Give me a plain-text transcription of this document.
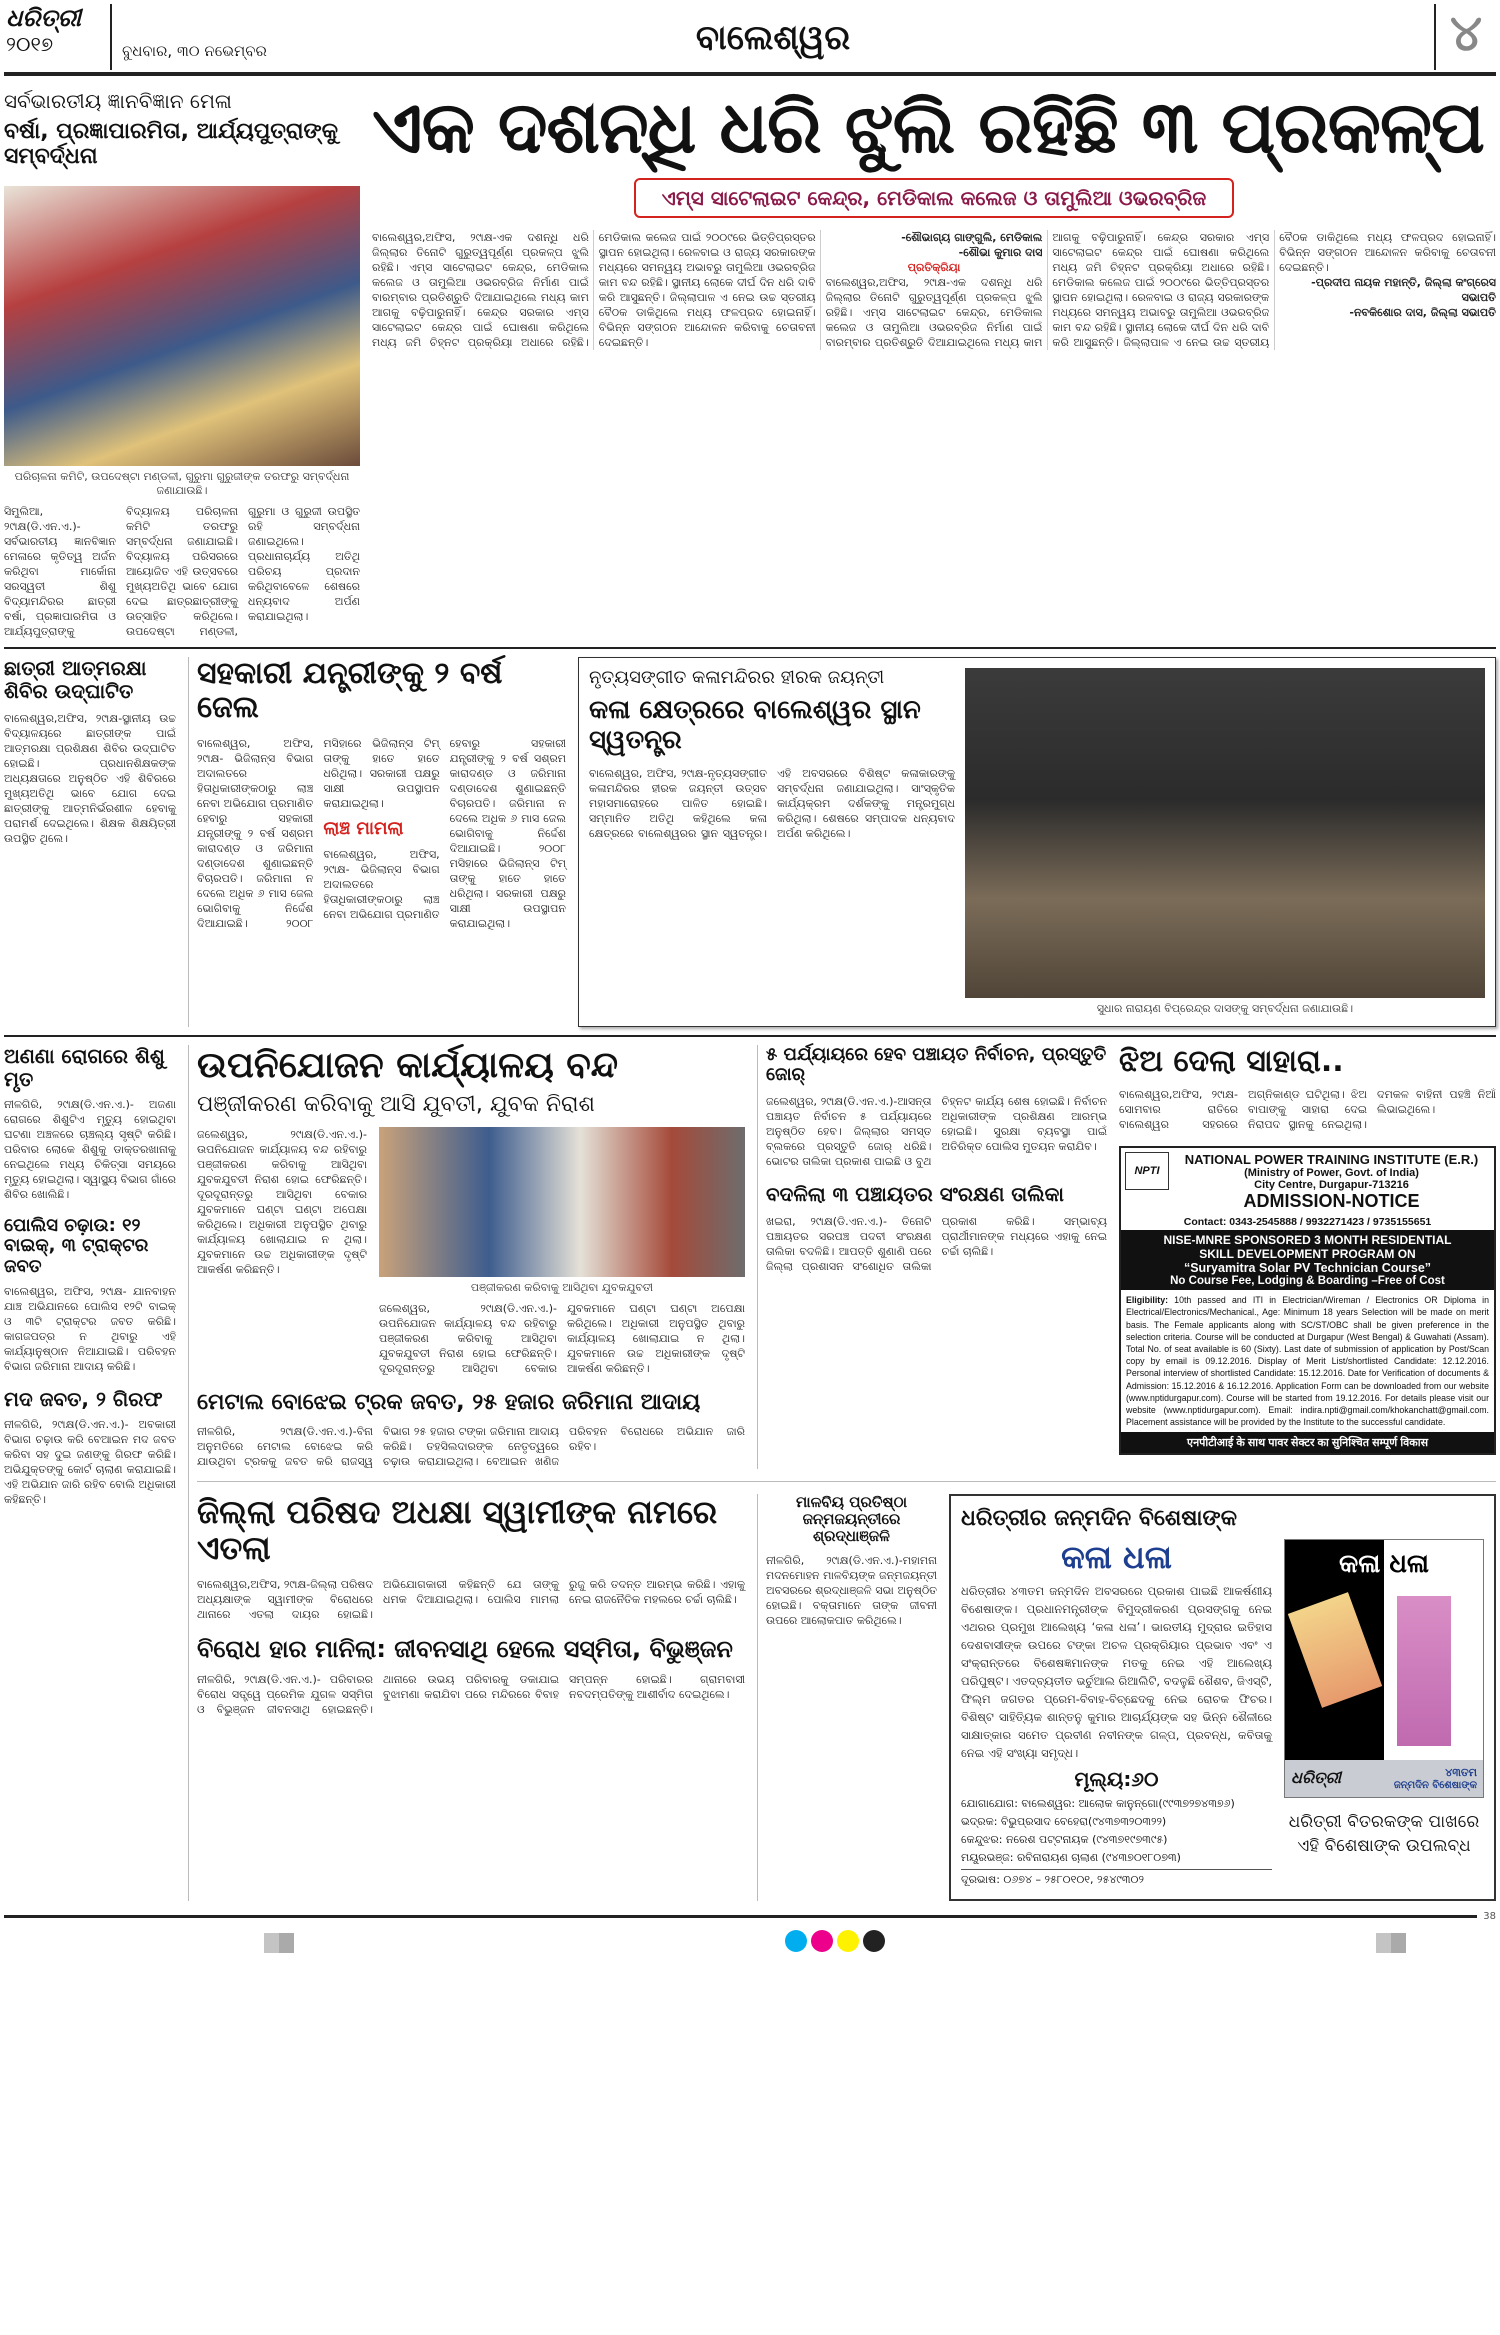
ଧରିତ୍ରୀ
୨୦୧୭	ବୁଧବାର, ୩୦ ନଭେମ୍ବର	ବାଲେଶ୍ୱର	୪
ସର୍ବଭାରତୀୟ ଜ୍ଞାନବିଜ୍ଞାନ ମେଳା
ବର୍ଷା, ପ୍ରଜ୍ଞାପାରମିତା, ଆର୍ଯ୍ୟପୁତ୍ରାଙ୍କୁ ସମ୍ବର୍ଦ୍ଧନା
ପରିଚାଳନା କମିଟି, ଉପଦେଷ୍ଟା ମଣ୍ଡଳୀ, ଗୁରୁମା ଗୁରୁଜୀଙ୍କ ତରଫରୁ ସମ୍ବର୍ଦ୍ଧନା ଜଣାଯାଉଛି।
ସିମୁଲିଆ, ୨୯ାକ୍ଷ(ଡି.ଏନ.ଏ.)- ସର୍ବଭାରତୀୟ ଜ୍ଞାନବିଜ୍ଞାନ ମେଳାରେ କୃତିତ୍ୱ ଅର୍ଜନ କରିଥିବା ମାର୍କୋନା ସରସ୍ୱତୀ ଶିଶୁ ବିଦ୍ୟାମନ୍ଦିରର ଛାତ୍ରୀ ବର୍ଷା, ପ୍ରଜ୍ଞାପାରମିତା ଓ ଆର୍ଯ୍ୟପୁତ୍ରାଙ୍କୁ ବିଦ୍ୟାଳୟ ପରିଚାଳନା କମିଟି ତରଫରୁ ସମ୍ବର୍ଦ୍ଧନା ଜଣାଯାଇଛି। ବିଦ୍ୟାଳୟ ପରିସରରେ ଆୟୋଜିତ ଏହି ଉତ୍ସବରେ ମୁଖ୍ୟଅତିଥି ଭାବେ ଯୋଗ ଦେଇ ଛାତ୍ରଛାତ୍ରୀଙ୍କୁ ଉତ୍ସାହିତ କରିଥିଲେ। ଉପଦେଷ୍ଟା ମଣ୍ଡଳୀ, ଗୁରୁମା ଓ ଗୁରୁଜୀ ଉପସ୍ଥିତ ରହି ସମ୍ବର୍ଦ୍ଧନା ଜଣାଇଥିଲେ। ପ୍ରଧାନାଚାର୍ଯ୍ୟ ଅତିଥି ପରିଚୟ ପ୍ରଦାନ କରିଥିବାବେଳେ ଶେଷରେ ଧନ୍ୟବାଦ ଅର୍ପଣ କରାଯାଇଥିଲା।
ଏକ ଦଶନ୍ଧି ଧରି ଝୁଲି ରହିଛି ୩ ପ୍ରକଳ୍ପ
ଏମ୍ସ ସାଟେଲାଇଟ କେନ୍ଦ୍ର, ମେଡିକାଲ କଲେଜ ଓ ତାମୁଲିଆ ଓଭରବ୍ରିଜ
ବାଲେଶ୍ୱର,ଅଫିସ, ୨୯ାକ୍ଷ-ଏକ ଦଶନ୍ଧି ଧରି ଜିଲ୍ଲାର ତିନୋଟି ଗୁରୁତ୍ୱପୂର୍ଣ୍ଣ ପ୍ରକଳ୍ପ ଝୁଲି ରହିଛି। ଏମ୍ସ ସାଟେଲାଇଟ କେନ୍ଦ୍ର, ମେଡିକାଲ କଲେଜ ଓ ତାମୁଲିଆ ଓଭରବ୍ରିଜ ନିର୍ମାଣ ପାଇଁ ବାରମ୍ବାର ପ୍ରତିଶ୍ରୁତି ଦିଆଯାଇଥିଲେ ମଧ୍ୟ କାମ ଆଗକୁ ବଢ଼ିପାରୁନାହିଁ। କେନ୍ଦ୍ର ସରକାର ଏମ୍ସ ସାଟେଲାଇଟ କେନ୍ଦ୍ର ପାଇଁ ଘୋଷଣା କରିଥିଲେ ମଧ୍ୟ ଜମି ଚିହ୍ନଟ ପ୍ରକ୍ରିୟା ଅଧାରେ ରହିଛି। ମେଡିକାଲ କଲେଜ ପାଇଁ ୨୦୦୯ରେ ଭିତ୍ତିପ୍ରସ୍ତର ସ୍ଥାପନ ହୋଇଥିଲା। ରେଳବାଇ ଓ ରାଜ୍ୟ ସରକାରଙ୍କ ମଧ୍ୟରେ ସମନ୍ୱୟ ଅଭାବରୁ ତାମୁଲିଆ ଓଭରବ୍ରିଜ କାମ ବନ୍ଦ ରହିଛି। ସ୍ଥାନୀୟ ଲୋକେ ଦୀର୍ଘ ଦିନ ଧରି ଦାବି କରି ଆସୁଛନ୍ତି। ଜିଲ୍ଲାପାଳ ଏ ନେଇ ଉଚ୍ଚ ସ୍ତରୀୟ ବୈଠକ ଡାକିଥିଲେ ମଧ୍ୟ ଫଳପ୍ରଦ ହୋଇନାହିଁ। ବିଭିନ୍ନ ସଙ୍ଗଠନ ଆନ୍ଦୋଳନ କରିବାକୁ ଚେତାବନୀ ଦେଇଛନ୍ତି।
-ଶୌଭାଗ୍ୟ ଗାଙ୍ଗୁଲି, ମେଡିକାଲ
-ଶୌଭା କୁମାର ଦାସ
ପ୍ରତିକ୍ରିୟା
ବାଲେଶ୍ୱର,ଅଫିସ, ୨୯ାକ୍ଷ-ଏକ ଦଶନ୍ଧି ଧରି ଜିଲ୍ଲାର ତିନୋଟି ଗୁରୁତ୍ୱପୂର୍ଣ୍ଣ ପ୍ରକଳ୍ପ ଝୁଲି ରହିଛି। ଏମ୍ସ ସାଟେଲାଇଟ କେନ୍ଦ୍ର, ମେଡିକାଲ କଲେଜ ଓ ତାମୁଲିଆ ଓଭରବ୍ରିଜ ନିର୍ମାଣ ପାଇଁ ବାରମ୍ବାର ପ୍ରତିଶ୍ରୁତି ଦିଆଯାଇଥିଲେ ମଧ୍ୟ କାମ ଆଗକୁ ବଢ଼ିପାରୁନାହିଁ। କେନ୍ଦ୍ର ସରକାର ଏମ୍ସ ସାଟେଲାଇଟ କେନ୍ଦ୍ର ପାଇଁ ଘୋଷଣା କରିଥିଲେ ମଧ୍ୟ ଜମି ଚିହ୍ନଟ ପ୍ରକ୍ରିୟା ଅଧାରେ ରହିଛି। ମେଡିକାଲ କଲେଜ ପାଇଁ ୨୦୦୯ରେ ଭିତ୍ତିପ୍ରସ୍ତର ସ୍ଥାପନ ହୋଇଥିଲା। ରେଳବାଇ ଓ ରାଜ୍ୟ ସରକାରଙ୍କ ମଧ୍ୟରେ ସମନ୍ୱୟ ଅଭାବରୁ ତାମୁଲିଆ ଓଭରବ୍ରିଜ କାମ ବନ୍ଦ ରହିଛି। ସ୍ଥାନୀୟ ଲୋକେ ଦୀର୍ଘ ଦିନ ଧରି ଦାବି କରି ଆସୁଛନ୍ତି। ଜିଲ୍ଲାପାଳ ଏ ନେଇ ଉଚ୍ଚ ସ୍ତରୀୟ ବୈଠକ ଡାକିଥିଲେ ମଧ୍ୟ ଫଳପ୍ରଦ ହୋଇନାହିଁ। ବିଭିନ୍ନ ସଙ୍ଗଠନ ଆନ୍ଦୋଳନ କରିବାକୁ ଚେତାବନୀ ଦେଇଛନ୍ତି।
-ପ୍ରଦୀପ ନାୟକ ମହାନ୍ତି, ଜିଲ୍ଲା କଂଗ୍ରେସ ସଭାପତି
-ନବକିଶୋର ଦାସ, ଜିଲ୍ଲା ସଭାପତି
ଛାତ୍ରୀ ଆତ୍ମରକ୍ଷା ଶିବିର ଉଦ୍‌ଘାଟିତ
ବାଲେଶ୍ୱର,ଅଫିସ, ୨୯ାକ୍ଷ-ସ୍ଥାନୀୟ ଉଚ୍ଚ ବିଦ୍ୟାଳୟରେ ଛାତ୍ରୀଙ୍କ ପାଇଁ ଆତ୍ମରକ୍ଷା ପ୍ରଶିକ୍ଷଣ ଶିବିର ଉଦ୍‌ଘାଟିତ ହୋଇଛି। ପ୍ରଧାନଶିକ୍ଷକଙ୍କ ଅଧ୍ୟକ୍ଷତାରେ ଅନୁଷ୍ଠିତ ଏହି ଶିବିରରେ ମୁଖ୍ୟଅତିଥି ଭାବେ ଯୋଗ ଦେଇ ଛାତ୍ରୀଙ୍କୁ ଆତ୍ମନିର୍ଭରଶୀଳ ହେବାକୁ ପରାମର୍ଶ ଦେଇଥିଲେ। ଶିକ୍ଷକ ଶିକ୍ଷୟିତ୍ରୀ ଉପସ୍ଥିତ ଥିଲେ।
ସହକାରୀ ଯନ୍ତ୍ରୀଙ୍କୁ ୨ ବର୍ଷ ଜେଲ
ବାଲେଶ୍ୱର, ଅଫିସ, ୨୯ାକ୍ଷ- ଭିଜିଲାନ୍ସ ବିଭାଗ ଅଦାଲତରେ ହିତାଧିକାରୀଙ୍କଠାରୁ ଲାଞ୍ଚ ନେବା ଅଭିଯୋଗ ପ୍ରମାଣିତ ହେବାରୁ ସହକାରୀ ଯନ୍ତ୍ରୀଙ୍କୁ ୨ ବର୍ଷ ସଶ୍ରମ କାରାଦଣ୍ଡ ଓ ଜରିମାନା ଦଣ୍ଡାଦେଶ ଶୁଣାଇଛନ୍ତି ବିଚାରପତି। ଜରିମାନା ନ ଦେଲେ ଅଧିକ ୬ ମାସ ଜେଲ ଭୋଗିବାକୁ ନିର୍ଦ୍ଦେଶ ଦିଆଯାଇଛି। ୨୦୦୮ ମସିହାରେ ଭିଜିଲାନ୍ସ ଟିମ୍ ତାଙ୍କୁ ହାତେ ହାତେ ଧରିଥିଲା। ସରକାରୀ ପକ୍ଷରୁ ସାକ୍ଷୀ ଉପସ୍ଥାପନ କରାଯାଇଥିଲା।
ଲାଞ୍ଚ ମାମଲା
ବାଲେଶ୍ୱର, ଅଫିସ, ୨୯ାକ୍ଷ- ଭିଜିଲାନ୍ସ ବିଭାଗ ଅଦାଲତରେ ହିତାଧିକାରୀଙ୍କଠାରୁ ଲାଞ୍ଚ ନେବା ଅଭିଯୋଗ ପ୍ରମାଣିତ ହେବାରୁ ସହକାରୀ ଯନ୍ତ୍ରୀଙ୍କୁ ୨ ବର୍ଷ ସଶ୍ରମ କାରାଦଣ୍ଡ ଓ ଜରିମାନା ଦଣ୍ଡାଦେଶ ଶୁଣାଇଛନ୍ତି ବିଚାରପତି। ଜରିମାନା ନ ଦେଲେ ଅଧିକ ୬ ମାସ ଜେଲ ଭୋଗିବାକୁ ନିର୍ଦ୍ଦେଶ ଦିଆଯାଇଛି। ୨୦୦୮ ମସିହାରେ ଭିଜିଲାନ୍ସ ଟିମ୍ ତାଙ୍କୁ ହାତେ ହାତେ ଧରିଥିଲା। ସରକାରୀ ପକ୍ଷରୁ ସାକ୍ଷୀ ଉପସ୍ଥାପନ କରାଯାଇଥିଲା।
ନୃତ୍ୟସଙ୍ଗୀତ କଳାମନ୍ଦିରର ହୀରକ ଜୟନ୍ତୀ
କଳା କ୍ଷେତ୍ରରେ ବାଲେଶ୍ୱର ସ୍ଥାନ ସ୍ୱତନ୍ତ୍ର
ବାଲେଶ୍ୱର, ଅଫିସ, ୨୯ାକ୍ଷ-ନୃତ୍ୟସଙ୍ଗୀତ କଳାମନ୍ଦିରର ହୀରକ ଜୟନ୍ତୀ ଉତ୍ସବ ମହାସମାରୋହରେ ପାଳିତ ହୋଇଛି। ସମ୍ମାନିତ ଅତିଥି କହିଥିଲେ କଳା କ୍ଷେତ୍ରରେ ବାଲେଶ୍ୱରର ସ୍ଥାନ ସ୍ୱତନ୍ତ୍ର। ଏହି ଅବସରରେ ବିଶିଷ୍ଟ କଳାକାରଙ୍କୁ ସମ୍ବର୍ଦ୍ଧନା ଜଣାଯାଇଥିଲା। ସାଂସ୍କୃତିକ କାର୍ଯ୍ୟକ୍ରମ ଦର୍ଶକଙ୍କୁ ମନ୍ତ୍ରମୁଗ୍ଧ କରିଥିଲା। ଶେଷରେ ସମ୍ପାଦକ ଧନ୍ୟବାଦ ଅର୍ପଣ କରିଥିଲେ।
ସୁଧାର ନାରାୟଣ ବିପ୍ରେନ୍ଦ୍ର ଦାସଙ୍କୁ ସମ୍ବର୍ଦ୍ଧନା ଜଣାଯାଉଛି।
ଅଣଣା ରୋଗରେ ଶିଶୁ ମୃତ
ନୀଳଗିରି, ୨୯ାକ୍ଷ(ଡି.ଏନ.ଏ.)- ଅଜଣା ରୋଗରେ ଶିଶୁଟିଏ ମୃତ୍ୟୁ ହୋଇଥିବା ଘଟଣା ଅଞ୍ଚଳରେ ଚାଞ୍ଚଲ୍ୟ ସୃଷ୍ଟି କରିଛି। ପରିବାର ଲୋକେ ଶିଶୁକୁ ଡାକ୍ତରଖାନାକୁ ନେଇଥିଲେ ମଧ୍ୟ ଚିକିତ୍ସା ସମୟରେ ମୃତ୍ୟୁ ହୋଇଥିଲା। ସ୍ୱାସ୍ଥ୍ୟ ବିଭାଗ ଗାଁରେ ଶିବିର ଖୋଲିଛି।
ପୋଲିସ ଚଢ଼ାଉ: ୧୨ ବାଇକ୍, ୩ ଟ୍ରାକ୍ଟର ଜବତ
ବାଲେଶ୍ୱର, ଅଫିସ, ୨୯ାକ୍ଷ- ଯାନବାହନ ଯାଞ୍ଚ ଅଭିଯାନରେ ପୋଲିସ ୧୨ଟି ବାଇକ୍ ଓ ୩ଟି ଟ୍ରାକ୍ଟର ଜବତ କରିଛି। କାଗଜପତ୍ର ନ ଥିବାରୁ ଏହି କାର୍ଯ୍ୟାନୁଷ୍ଠାନ ନିଆଯାଇଛି। ପରିବହନ ବିଭାଗ ଜରିମାନା ଆଦାୟ କରିଛି।
ମଦ ଜବତ, ୨ ଗିରଫ
ନୀଳଗିରି, ୨୯ାକ୍ଷ(ଡି.ଏନ.ଏ.)- ଅବକାରୀ ବିଭାଗ ଚଢ଼ାଉ କରି ବେଆଇନ ମଦ ଜବତ କରିବା ସହ ଦୁଇ ଜଣଙ୍କୁ ଗିରଫ କରିଛି। ଅଭିଯୁକ୍ତଙ୍କୁ କୋର୍ଟ ଚାଲାଣ କରାଯାଇଛି। ଏହି ଅଭିଯାନ ଜାରି ରହିବ ବୋଲି ଅଧିକାରୀ କହିଛନ୍ତି।
ଉପନିଯୋଜନ କାର୍ଯ୍ୟାଳୟ ବନ୍ଦ
ପଞ୍ଜୀକରଣ କରିବାକୁ ଆସି ଯୁବତୀ, ଯୁବକ ନିରାଶ
ଜଲେଶ୍ୱର, ୨୯ାକ୍ଷ(ଡି.ଏନ.ଏ.)- ଉପନିଯୋଜନ କାର୍ଯ୍ୟାଳୟ ବନ୍ଦ ରହିବାରୁ ପଞ୍ଜୀକରଣ କରିବାକୁ ଆସିଥିବା ଯୁବକଯୁବତୀ ନିରାଶ ହୋଇ ଫେରିଛନ୍ତି। ଦୂରଦୂରାନ୍ତରୁ ଆସିଥିବା ବେକାର ଯୁବକମାନେ ଘଣ୍ଟା ଘଣ୍ଟା ଅପେକ୍ଷା କରିଥିଲେ। ଅଧିକାରୀ ଅନୁପସ୍ଥିତ ଥିବାରୁ କାର୍ଯ୍ୟାଳୟ ଖୋଲାଯାଇ ନ ଥିଲା। ଯୁବକମାନେ ଉଚ୍ଚ ଅଧିକାରୀଙ୍କ ଦୃଷ୍ଟି ଆକର୍ଷଣ କରିଛନ୍ତି।
ପଞ୍ଜୀକରଣ କରିବାକୁ ଆସିଥିବା ଯୁବକଯୁବତୀ
ଜଲେଶ୍ୱର, ୨୯ାକ୍ଷ(ଡି.ଏନ.ଏ.)- ଉପନିଯୋଜନ କାର୍ଯ୍ୟାଳୟ ବନ୍ଦ ରହିବାରୁ ପଞ୍ଜୀକରଣ କରିବାକୁ ଆସିଥିବା ଯୁବକଯୁବତୀ ନିରାଶ ହୋଇ ଫେରିଛନ୍ତି। ଦୂରଦୂରାନ୍ତରୁ ଆସିଥିବା ବେକାର ଯୁବକମାନେ ଘଣ୍ଟା ଘଣ୍ଟା ଅପେକ୍ଷା କରିଥିଲେ। ଅଧିକାରୀ ଅନୁପସ୍ଥିତ ଥିବାରୁ କାର୍ଯ୍ୟାଳୟ ଖୋଲାଯାଇ ନ ଥିଲା। ଯୁବକମାନେ ଉଚ୍ଚ ଅଧିକାରୀଙ୍କ ଦୃଷ୍ଟି ଆକର୍ଷଣ କରିଛନ୍ତି।
ମେଟାଲ ବୋଝେଇ ଟ୍ରକ ଜବତ, ୨୫ ହଜାର ଜରିମାନା ଆଦାୟ
ନୀଳଗିରି, ୨୯ାକ୍ଷ(ଡି.ଏନ.ଏ.)-ବିନା ଅନୁମତିରେ ମେଟାଲ ବୋଝେଇ କରି ଯାଉଥିବା ଟ୍ରକକୁ ଜବତ କରି ରାଜସ୍ୱ ବିଭାଗ ୨୫ ହଜାର ଟଙ୍କା ଜରିମାନା ଆଦାୟ କରିଛି। ତହସିଲଦାରଙ୍କ ନେତୃତ୍ୱରେ ଚଢ଼ାଉ କରାଯାଇଥିଲା। ବେଆଇନ ଖଣିଜ ପରିବହନ ବିରୋଧରେ ଅଭିଯାନ ଜାରି ରହିବ।
୫ ପର୍ଯ୍ୟାୟରେ ହେବ ପଞ୍ଚାୟତ ନିର୍ବାଚନ, ପ୍ରସ୍ତୁତି ଜୋର୍
ଜଲେଶ୍ୱର, ୨୯ାକ୍ଷ(ଡି.ଏନ.ଏ.)-ଆସନ୍ତା ପଞ୍ଚାୟତ ନିର୍ବାଚନ ୫ ପର୍ଯ୍ୟାୟରେ ଅନୁଷ୍ଠିତ ହେବ। ଜିଲ୍ଲାର ସମସ୍ତ ବ୍ଲକରେ ପ୍ରସ୍ତୁତି ଜୋର୍ ଧରିଛି। ଭୋଟର ତାଲିକା ପ୍ରକାଶ ପାଇଛି ଓ ବୁଥ ଚିହ୍ନଟ କାର୍ଯ୍ୟ ଶେଷ ହୋଇଛି। ନିର୍ବାଚନ ଅଧିକାରୀଙ୍କ ପ୍ରଶିକ୍ଷଣ ଆରମ୍ଭ ହୋଇଛି। ସୁରକ୍ଷା ବ୍ୟବସ୍ଥା ପାଇଁ ଅତିରିକ୍ତ ପୋଲିସ ମୁତୟନ କରାଯିବ।
ବଦଳିଲା ୩ ପଞ୍ଚାୟତର ସଂରକ୍ଷଣ ତାଲିକା
ଖଇରା, ୨୯ାକ୍ଷ(ଡି.ଏନ.ଏ.)- ତିନୋଟି ପଞ୍ଚାୟତର ସରପଞ୍ଚ ପଦବୀ ସଂରକ୍ଷଣ ତାଲିକା ବଦଳିଛି। ଆପତ୍ତି ଶୁଣାଣି ପରେ ଜିଲ୍ଲା ପ୍ରଶାସନ ସଂଶୋଧିତ ତାଲିକା ପ୍ରକାଶ କରିଛି। ସମ୍ଭାବ୍ୟ ପ୍ରାର୍ଥୀମାନଙ୍କ ମଧ୍ୟରେ ଏହାକୁ ନେଇ ଚର୍ଚ୍ଚା ଚାଲିଛି।
ଝିଅ ଦେଲା ସାହାରା..
ବାଲେଶ୍ୱର,ଅଫିସ, ୨୯ାକ୍ଷ- ସୋମବାର ରାତିରେ ବାଲେଶ୍ୱର ସହରରେ ଅଗ୍ନିକାଣ୍ଡ ଘଟିଥିଲା। ଝିଅ ବାପାଙ୍କୁ ସାହାରା ଦେଇ ନିରାପଦ ସ୍ଥାନକୁ ନେଇଥିଲା। ଦମକଳ ବାହିନୀ ପହଞ୍ଚି ନିଆଁ ଲିଭାଇଥିଲେ।
NPTI
NATIONAL POWER TRAINING INSTITUTE (E.R.)
(Ministry of Power, Govt. of India)
City Centre, Durgapur-713216
ADMISSION-NOTICE
Contact: 0343-2545888 / 9932271423 / 9735155651
NISE-MNRE SPONSORED 3 MONTH RESIDENTIAL
SKILL DEVELOPMENT PROGRAM ON
“Suryamitra Solar PV Technician Course”
No Course Fee, Lodging & Boarding –Free of Cost
Eligibility: 10th passed and ITI in Electrician/Wireman / Electronics OR Diploma in Electrical/Electronics/Mechanical., Age: Minimum 18 years Selection will be made on merit basis. The Female applicants along with SC/ST/OBC shall be given preference in the selection criteria. Course will be conducted at Durgapur (West Bengal) & Guwahati (Assam). Total No. of seat available is 60 (Sixty). Last date of submission of application by Post/Scan copy by email is 09.12.2016. Display of Merit List/shortlisted Candidate: 12.12.2016. Personal interview of shortlisted Candidate: 15.12.2016. Date for Verification of documents & Admission: 15.12.2016 & 16.12.2016. Application Form can be downloaded from our website (www.nptidurgapur.com). Course will be started from 19.12.2016. For details please visit our website (www.nptidurgapur.com). Email: indira.npti@gmail.com/khokanchatt@gmail.com. Placement assistance will be provided by the Institute to the successful candidate.
एनपीटीआई के साथ पावर सेक्टर का सुनिश्चित सम्पूर्ण विकास
ଜିଲ୍ଲା ପରିଷଦ ଅଧକ୍ଷା ସ୍ୱାମୀଙ୍କ ନାମରେ ଏତଲା
ବାଲେଶ୍ୱର,ଅଫିସ, ୨୯ାକ୍ଷ-ଜିଲ୍ଲା ପରିଷଦ ଅଧ୍ୟକ୍ଷାଙ୍କ ସ୍ୱାମୀଙ୍କ ବିରୋଧରେ ଥାନାରେ ଏତଲା ଦାୟର ହୋଇଛି। ଅଭିଯୋଗକାରୀ କହିଛନ୍ତି ଯେ ତାଙ୍କୁ ଧମକ ଦିଆଯାଇଥିଲା। ପୋଲିସ ମାମଲା ରୁଜୁ କରି ତଦନ୍ତ ଆରମ୍ଭ କରିଛି। ଏହାକୁ ନେଇ ରାଜନୈତିକ ମହଲରେ ଚର୍ଚ୍ଚା ଚାଲିଛି।
ବିରୋଧ ହାର ମାନିଲା: ଜୀବନସାଥି ହେଲେ ସସ୍ମିତା, ବିଭୁଞ୍ଜନ
ନୀଳଗିରି, ୨୯ାକ୍ଷ(ଡି.ଏନ.ଏ.)- ପରିବାରର ବିରୋଧ ସତ୍ତ୍ୱେ ପ୍ରେମିକ ଯୁଗଳ ସସ୍ମିତା ଓ ବିଭୁଞ୍ଜନ ଜୀବନସାଥି ହୋଇଛନ୍ତି। ଥାନାରେ ଉଭୟ ପରିବାରକୁ ଡକାଯାଇ ବୁଝାମଣା କରାଯିବା ପରେ ମନ୍ଦିରରେ ବିବାହ ସମ୍ପନ୍ନ ହୋଇଛି। ଗ୍ରାମବାସୀ ନବଦମ୍ପତିଙ୍କୁ ଆଶୀର୍ବାଦ ଦେଇଥିଲେ।
ମାଳବିୟ ପ୍ରତିଷ୍ଠା ଜନ୍ମଜୟନ୍ତୀରେ ଶ୍ରଦ୍ଧାଞ୍ଜଳି
ନୀଳଗିରି, ୨୯ାକ୍ଷ(ଡି.ଏନ.ଏ.)-ମହାମନା ମଦନମୋହନ ମାଳବିୟଙ୍କ ଜନ୍ମଜୟନ୍ତୀ ଅବସରରେ ଶ୍ରଦ୍ଧାଞ୍ଜଳି ସଭା ଅନୁଷ୍ଠିତ ହୋଇଛି। ବକ୍ତାମାନେ ତାଙ୍କ ଜୀବନୀ ଉପରେ ଆଲୋକପାତ କରିଥିଲେ।
ଧରିତ୍ରୀର ଜନ୍ମଦିନ ବିଶେଷାଙ୍କ
କଳା ଧଳା
ଧରିତ୍ରୀର ୪୩ତମ ଜନ୍ମଦିନ ଅବସରରେ ପ୍ରକାଶ ପାଇଛି ଆକର୍ଷଣୀୟ ବିଶେଷାଙ୍କ। ପ୍ରଧାନମନ୍ତ୍ରୀଙ୍କ ବିମୁଦ୍ରୀକରଣ ପ୍ରସଙ୍ଗକୁ ନେଇ ଏଥରର ପ୍ରମୁଖ ଆଲେଖ୍ୟ ‘କଳା ଧଳା’। ଭାରତୀୟ ମୁଦ୍ରାର ଇତିହାସ ଦେଶବାସୀଙ୍କ ଉପରେ ଟଙ୍କା ଅଚଳ ପ୍ରକ୍ରିୟାର ପ୍ରଭାବ ଏବଂ ଏ ସଂକ୍ରାନ୍ତରେ ବିଶେଷଜ୍ଞମାନଙ୍କ ମତକୁ ନେଇ ଏହି ଆଲେଖ୍ୟ ପରିପୁଷ୍ଟ। ଏତଦ୍‌ବ୍ୟତୀତ ଭର୍ଚୁଆଲ ରିଆଲିଟି, ବଦଳୁଛି ଶୈଶବ, ଜିଏସ୍‌ଟି, ଫିଲ୍ମ ଜଗତର ପ୍ରେମ-ବିବାହ-ବିଚ୍ଛେଦକୁ ନେଇ ରୋଚକ ଫିଚର। ବିଶିଷ୍ଟ ସାହିତ୍ୟିକ ଶାନ୍ତନୁ କୁମାର ଆଚାର୍ଯ୍ୟଙ୍କ ସହ ଭିନ୍ନ ଶୈଳୀରେ ସାକ୍ଷାତ୍‌କାର ସମେତ ପ୍ରବୀଣ ନବୀନଙ୍କ ଗଳ୍ପ, ପ୍ରବନ୍ଧ, କବିତାକୁ ନେଇ ଏହି ସଂଖ୍ୟା ସମୃଦ୍ଧ।
ମୂଲ୍ୟ:୬୦
ଯୋଗାଯୋଗ: ବାଲେଶ୍ୱର: ଆଲୋକ କାନୁନ୍‌ଗୋ(୯୯୩୭୨୭୪୩୭୬)
ଭଦ୍ରକ: ବିଭୁପ୍ରସାଦ ବେହେରା(୯୪୩୭୩୨୦୩୨୨)
କେନ୍ଦୁଝର: ନରେଶ ପଟ୍ଟନାୟକ (୯୪୩୭୧୯୭୩୯୫)
ମୟୂରଭଞ୍ଜ: ରବିନାରାୟଣ ଚାଲାଣ (୯୪୩୭୦୧୮୦୭୩)
ଦୂରଭାଷ: ୦୬୭୪ – ୨୫୮୦୧୦୧, ୨୫୪୯୩୦୨
କଳା ଧଳା
ଧରିତ୍ରୀ	୪୩ତମ
ଜନ୍ମଦିନ ବିଶେଷାଙ୍କ
ଧରିତ୍ରୀ ବିତରକଙ୍କ ପାଖରେ ଏହି ବିଶେଷାଙ୍କ ଉପଲବ୍ଧ
38
